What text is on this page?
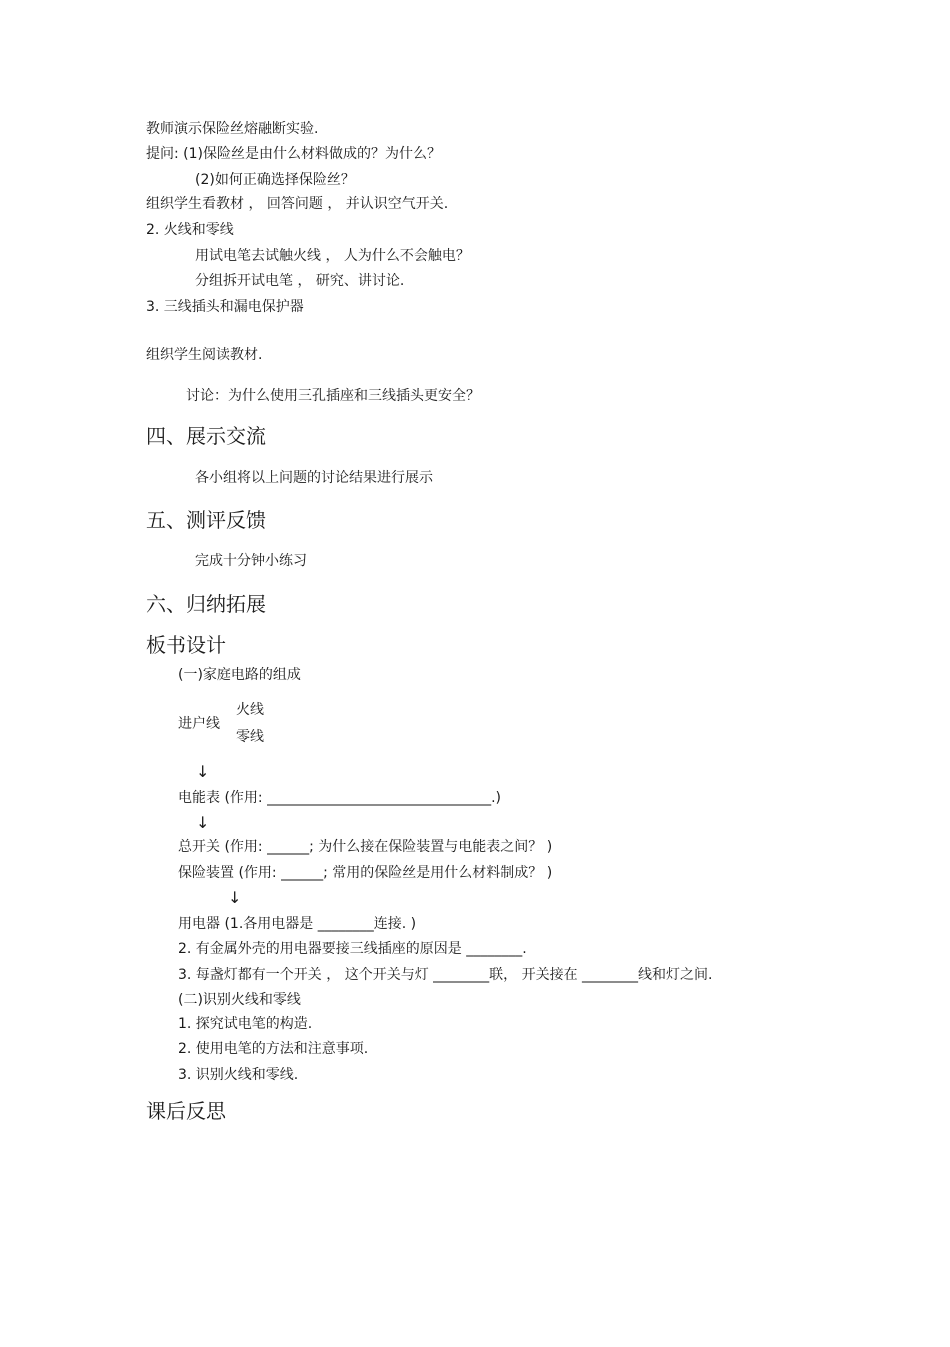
教师演示保险丝熔融断实验.
提问: (1)保险丝是由什么材料做成的？为什么？
(2)如何正确选择保险丝？
组织学生看教材 ， 回答问题 ， 并认识空气开关.
2. 火线和零线
用试电笔去试触火线 ， 人为什么不会触电？
分组拆开试电笔 ， 研究、讲讨论.
3. 三线插头和漏电保护器
组织学生阅读教材.
讨论：为什么使用三孔插座和三线插头更安全？
四、展示交流
各小组将以上问题的讨论结果进行展示
五、测评反馈
完成十分钟小练习
六、归纳拓展
板书设计
(一)家庭电路的组成
进户线
火线
零线
↓
电能表 (作用: ________________________________.)
↓
总开关 (作用: ______; 为什么接在保险装置与电能表之间？ )
保险装置 (作用: ______; 常用的保险丝是用什么材料制成？ )
↓
用电器 (1.各用电器是 ________连接. )
2. 有金属外壳的用电器要接三线插座的原因是 ________.
3. 每盏灯都有一个开关 ， 这个开关与灯 ________联， 开关接在 ________线和灯之间.
(二)识别火线和零线
1. 探究试电笔的构造.
2. 使用电笔的方法和注意事项.
3. 识别火线和零线.
课后反思
